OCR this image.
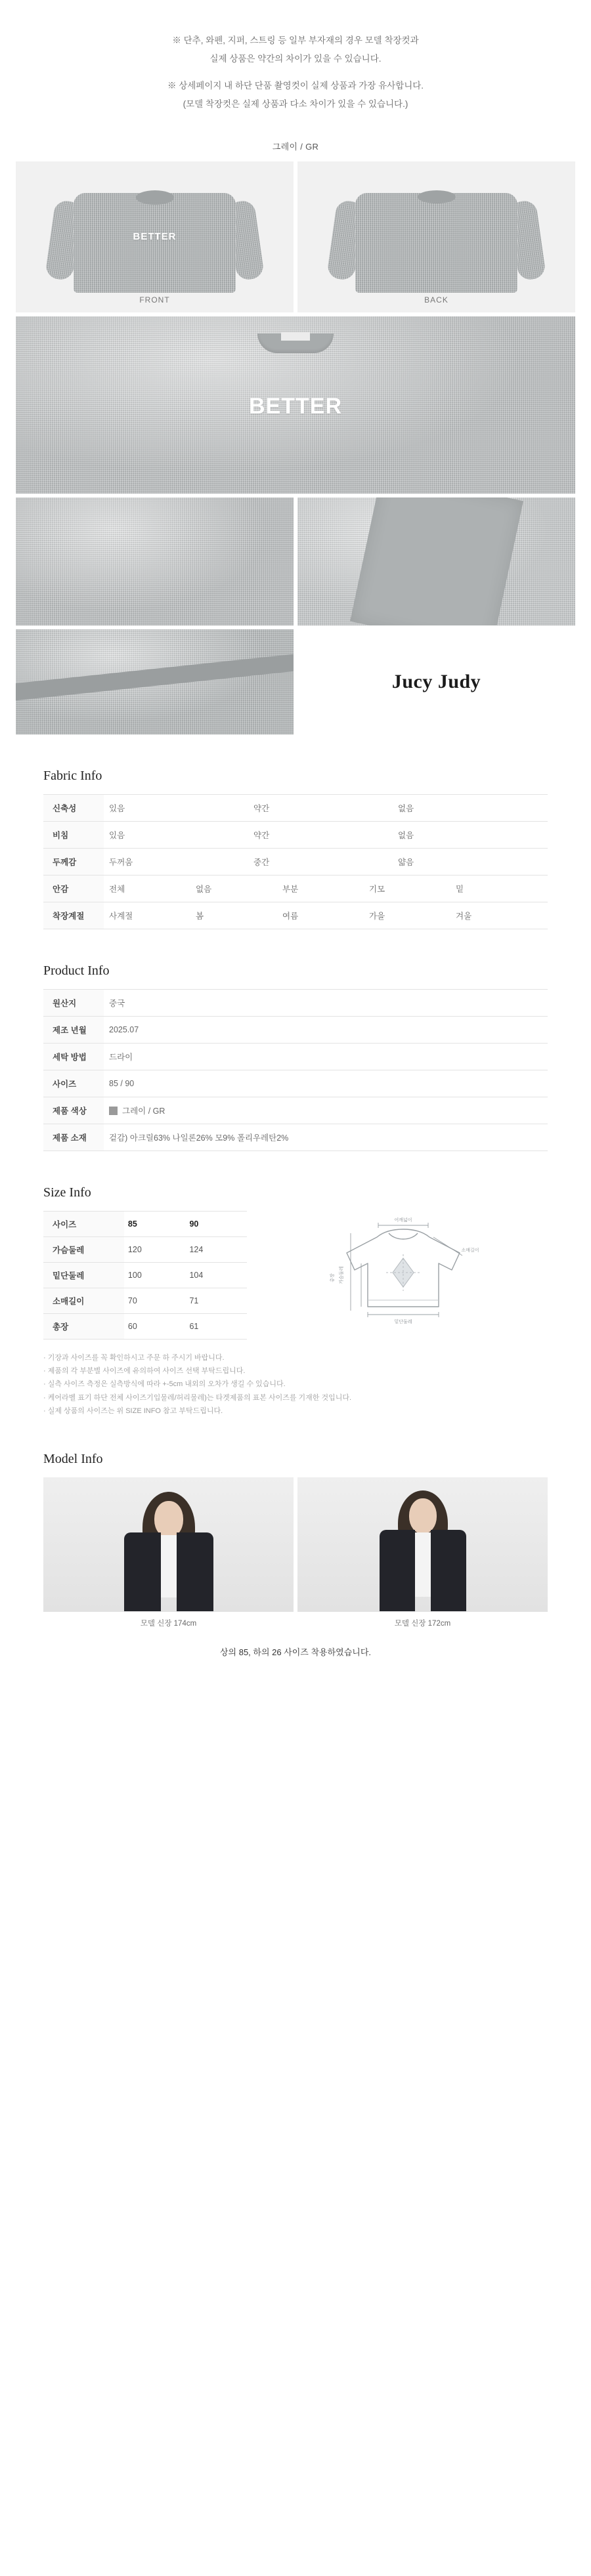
※ 단추, 와펜, 지퍼, 스트링 등 일부 부자재의 경우 모델 착장컷과
실제 상품은 약간의 차이가 있을 수 있습니다.
※ 상세페이지 내 하단 단품 촬영컷이 실제 상품과 가장 유사합니다.
(모델 착장컷은 실제 상품과 다소 차이가 있을 수 있습니다.)
그레이 / GR
BETTER
FRONT	BACK
BETTER
Jucy Judy
Fabric Info
신축성	있음 약간 없음

비침	있음 약간 없음

두께감	두꺼움 중간 얇음

안감	전체 없음 부분 기모 밑

착장계절	사계절 봄 여름 가을 겨울
Product Info
원산지	중국
제조 년월	2025.07
세탁 방법	드라이
사이즈	85 / 90
제품 색상	그레이 / GR
제품 소재	겉감) 아크릴63% 나일론26% 모9% 폴리우레탄2%
Size Info
사이즈	85	90
가슴둘레	120	124
밑단둘레	100	104
소매길이	70	71
총장	60	61
어깨넓이
소매길이
가슴둘레
총장
밑단둘레
· 기장과 사이즈를 꼭 확인하시고 주문 하 주시기 바랍니다.
· 제품의 각 부분별 사이즈에 유의하여 사이즈 선택 부탁드립니다.
· 실측 사이즈 측정은 실측방식에 따라 +-5cm 내외의 오차가 생길 수 있습니다.
· 케어라벨 표기 하단 전체 사이즈기입물레/허리물레)는 타겟제품의 표본 사이즈를 기재한 것입니다.
· 실제 상품의 사이즈는 위 SIZE INFO 참고 부탁드립니다.
Model Info
모델 신장 174cm	모델 신장 172cm
상의 85, 하의 26 사이즈 착용하였습니다.
